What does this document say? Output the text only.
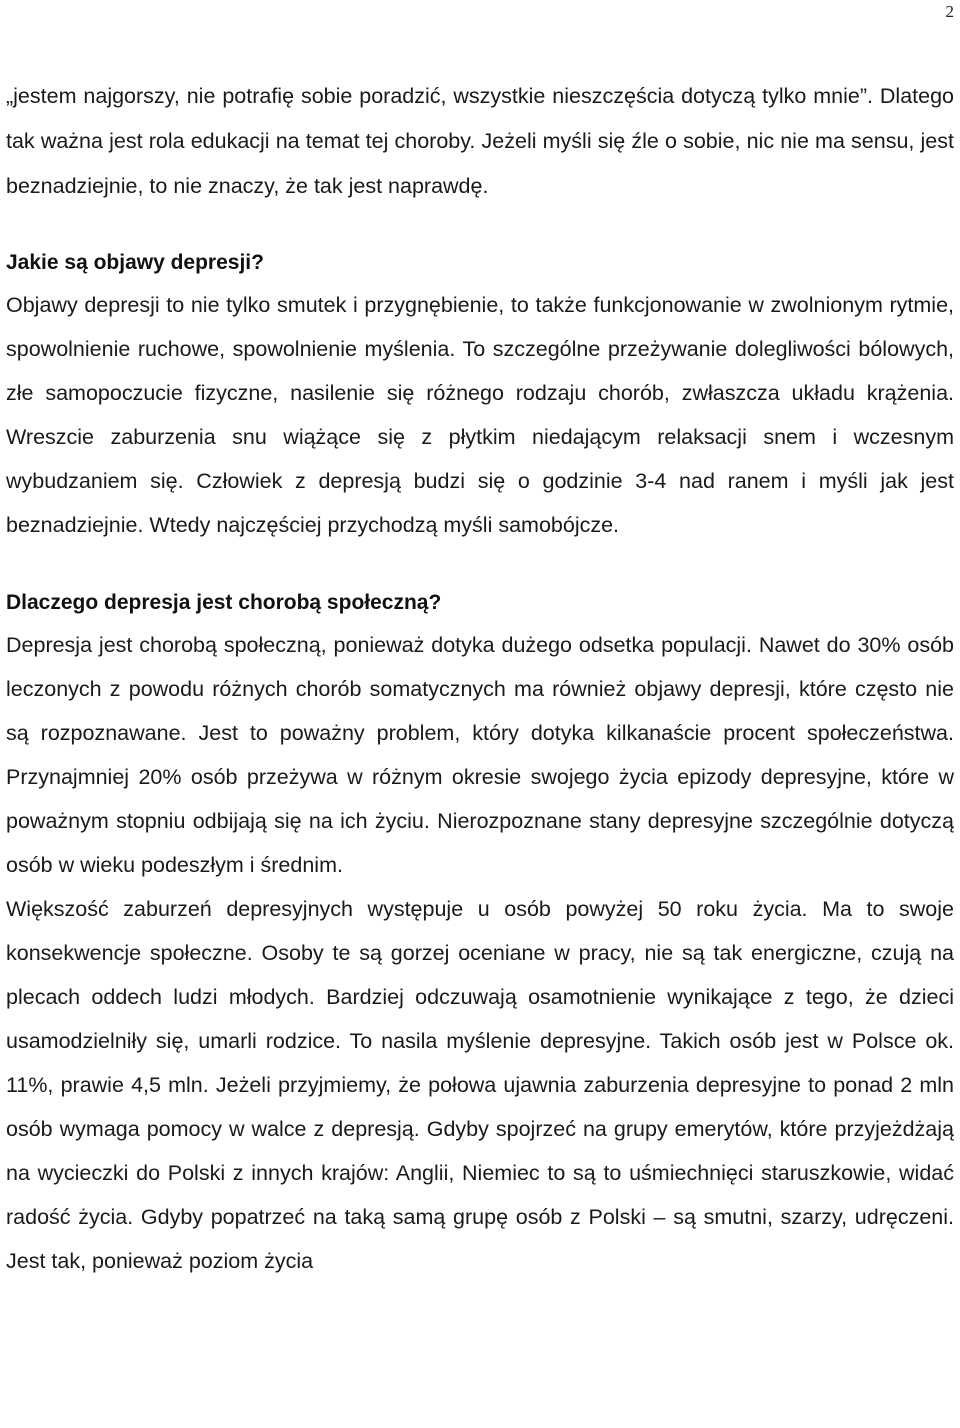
2

„jestem najgorszy, nie potrafię sobie poradzić, wszystkie nieszczęścia dotyczą tylko mnie”. Dlatego tak ważna jest rola edukacji na temat tej choroby. Jeżeli myśli się źle o sobie, nic nie ma sensu, jest beznadziejnie, to nie znaczy, że tak jest naprawdę.

Jakie są objawy depresji?

Objawy depresji to nie tylko smutek i przygnębienie, to także funkcjonowanie w zwolnionym rytmie, spowolnienie ruchowe, spowolnienie myślenia. To szczególne przeżywanie dolegliwości bólowych, złe samopoczucie fizyczne, nasilenie się różnego rodzaju chorób, zwłaszcza układu krążenia. Wreszcie zaburzenia snu wiążące się z płytkim niedającym relaksacji snem i wczesnym wybudzaniem się. Człowiek z depresją budzi się o godzinie 3-4 nad ranem i myśli jak jest beznadziejnie. Wtedy najczęściej przychodzą myśli samobójcze.

Dlaczego depresja jest chorobą społeczną?

Depresja jest chorobą społeczną, ponieważ dotyka dużego odsetka populacji. Nawet do 30% osób leczonych z powodu różnych chorób somatycznych ma również objawy depresji, które często nie są rozpoznawane. Jest to poważny problem, który dotyka kilkanaście procent społeczeństwa. Przynajmniej 20% osób przeżywa w różnym okresie swojego życia epizody depresyjne, które w poważnym stopniu odbijają się na ich życiu. Nierozpoznane stany depresyjne szczególnie dotyczą osób w wieku podeszłym i średnim.

Większość zaburzeń depresyjnych występuje u osób powyżej 50 roku życia. Ma to swoje konsekwencje społeczne. Osoby te są gorzej oceniane w pracy, nie są tak energiczne, czują na plecach oddech ludzi młodych. Bardziej odczuwają osamotnienie wynikające z tego, że dzieci usamodzielniły się, umarli rodzice. To nasila myślenie depresyjne. Takich osób jest w Polsce ok. 11%, prawie 4,5 mln. Jeżeli przyjmiemy, że połowa ujawnia zaburzenia depresyjne to ponad 2 mln osób wymaga pomocy w walce z depresją. Gdyby spojrzeć na grupy emerytów, które przyjeżdżają na wycieczki do Polski z innych krajów: Anglii, Niemiec to są to uśmiechnięci staruszkowie, widać radość życia. Gdyby popatrzeć na taką samą grupę osób z Polski – są smutni, szarzy, udręczeni. Jest tak, ponieważ poziom życia
